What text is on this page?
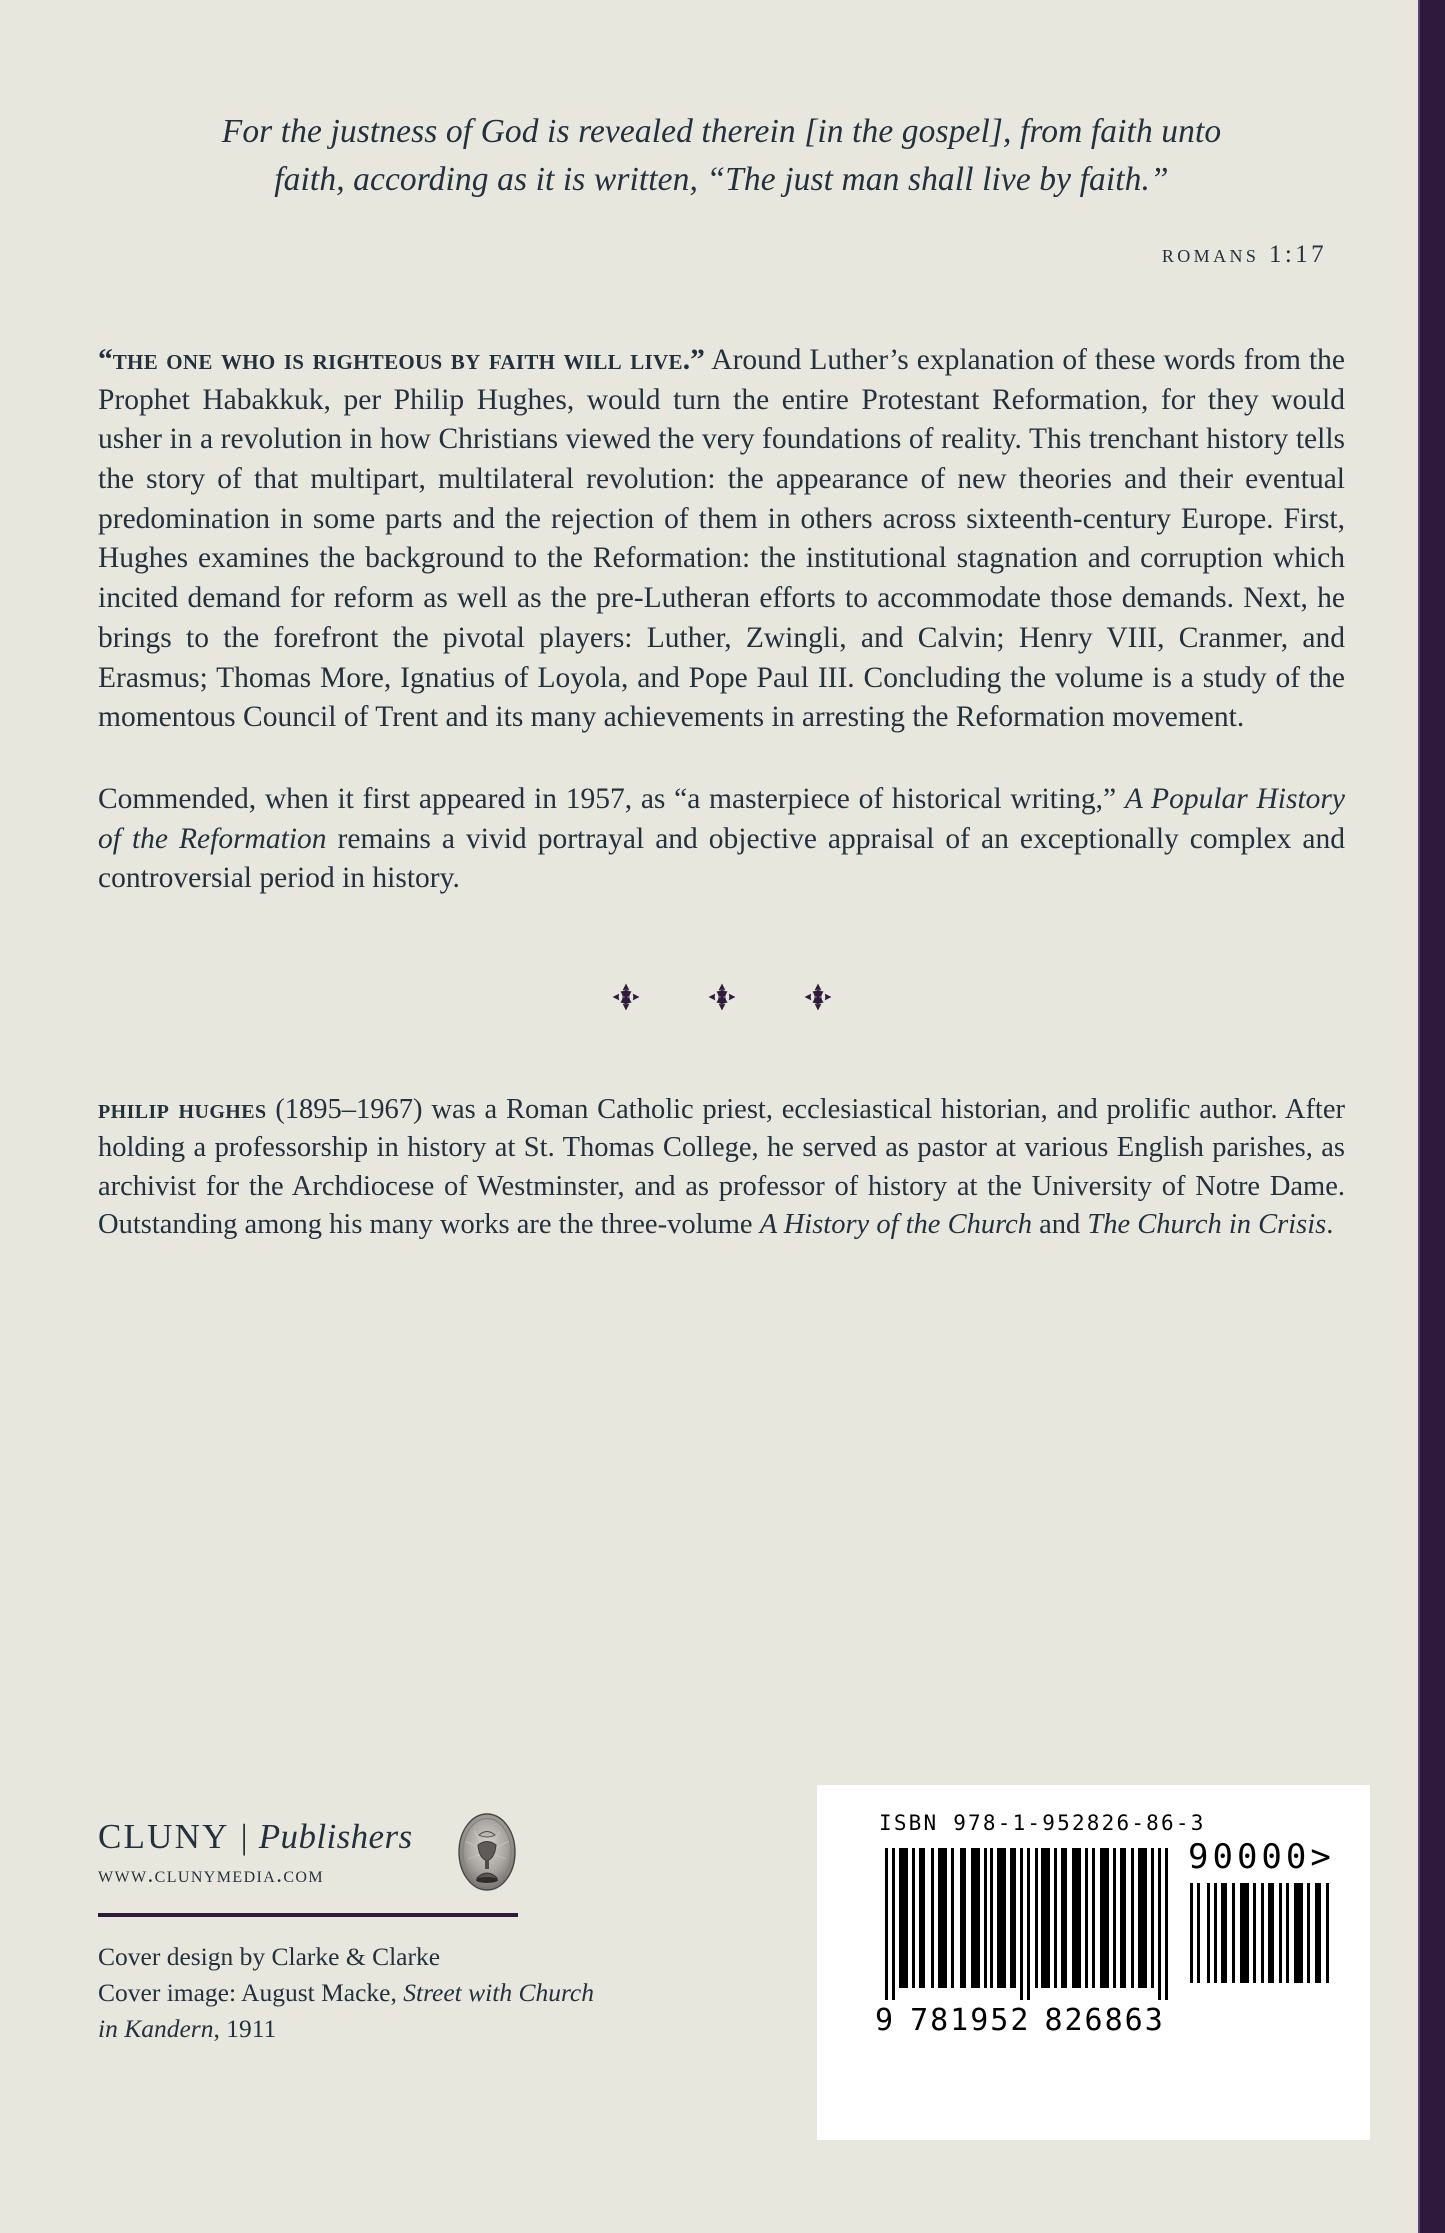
For the justness of God is revealed therein [in the gospel], from faith unto
faith, according as it is written, “The just man shall live by faith.”
romans 1:17

“the one who is righteous by faith will live.” Around Luther’s explanation of these words from the Prophet Habakkuk, per Philip Hughes, would turn the entire Protestant Reformation, for they would usher in a revolution in how Christians viewed the very foundations of reality. This trenchant history tells the story of that multipart, multilateral revolution: the appearance of new theories and their eventual predomination in some parts and the rejection of them in others across sixteenth-century Europe. First, Hughes examines the background to the Reformation: the institutional stagnation and corruption which incited demand for reform as well as the pre-Lutheran efforts to accommodate those demands. Next, he brings to the forefront the pivotal players: Luther, Zwingli, and Calvin; Henry VIII, Cranmer, and Erasmus; Thomas More, Ignatius of Loyola, and Pope Paul III. Concluding the volume is a study of the momentous Council of Trent and its many achievements in arresting the Reformation movement.

Commended, when it first appeared in 1957, as “a masterpiece of historical writing,” A Popular History of the Reformation remains a vivid portrayal and objective appraisal of an exceptionally complex and controversial period in history.

philip hughes (1895–1967) was a Roman Catholic priest, ecclesiastical historian, and prolific author. After holding a professorship in history at St. Thomas College, he served as pastor at various English parishes, as archivist for the Archdiocese of Westminster, and as professor of history at the University of Notre Dame. Outstanding among his many works are the three-volume A History of the Church and The Church in Crisis.

CLUNY | Publishers
www.clunymedia.com
Cover design by Clarke & Clarke
Cover image: August Macke, Street with Church
in Kandern, 1911
ISBN 978-1-952826-86-3
9 781952 826863
90000>
